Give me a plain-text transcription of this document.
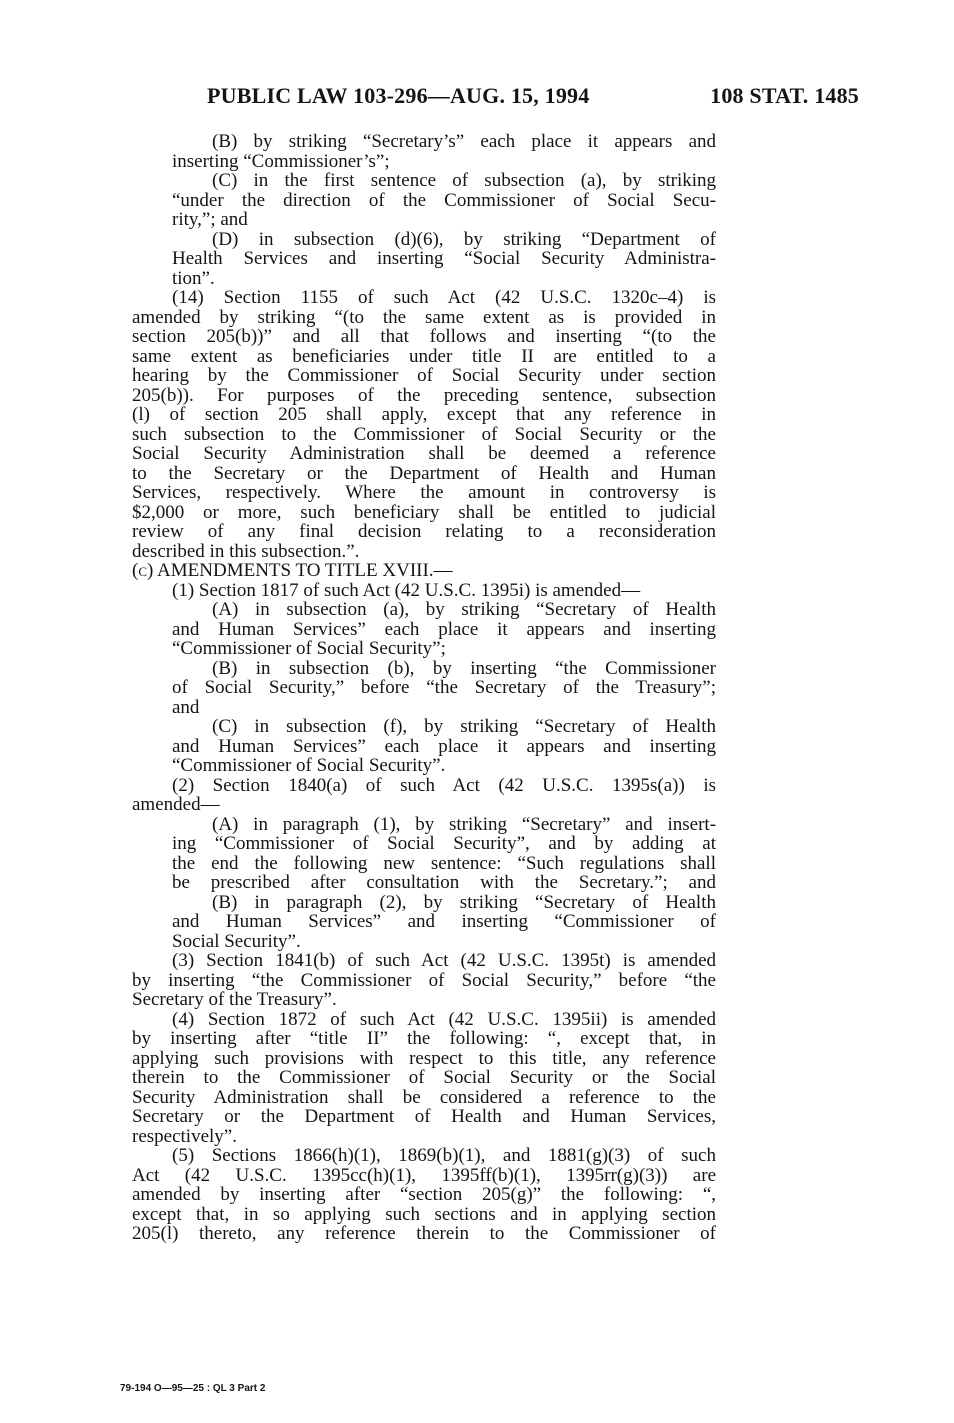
PUBLIC LAW 103-296—AUG. 15, 1994	108 STAT. 1485
(B) by striking “Secretary’s” each place it appears and
inserting “Commissioner’s”;
(C) in the first sentence of subsection (a), by striking
“under the direction of the Commissioner of Social Secu-
rity,”; and
(D) in subsection (d)(6), by striking “Department of
Health Services and inserting “Social Security Administra-
tion”.
(14) Section 1155 of such Act (42 U.S.C. 1320c–4) is
amended by striking “(to the same extent as is provided in
section 205(b))” and all that follows and inserting “(to the
same extent as beneficiaries under title II are entitled to a
hearing by the Commissioner of Social Security under section
205(b)). For purposes of the preceding sentence, subsection
(l) of section 205 shall apply, except that any reference in
such subsection to the Commissioner of Social Security or the
Social Security Administration shall be deemed a reference
to the Secretary or the Department of Health and Human
Services, respectively. Where the amount in controversy is
$2,000 or more, such beneficiary shall be entitled to judicial
review of any final decision relating to a reconsideration
described in this subsection.”.
(c) AMENDMENTS TO TITLE XVIII.—
(1) Section 1817 of such Act (42 U.S.C. 1395i) is amended—
(A) in subsection (a), by striking “Secretary of Health
and Human Services” each place it appears and inserting
“Commissioner of Social Security”;
(B) in subsection (b), by inserting “the Commissioner
of Social Security,” before “the Secretary of the Treasury”;
and
(C) in subsection (f), by striking “Secretary of Health
and Human Services” each place it appears and inserting
“Commissioner of Social Security”.
(2) Section 1840(a) of such Act (42 U.S.C. 1395s(a)) is
amended—
(A) in paragraph (1), by striking “Secretary” and insert-
ing “Commissioner of Social Security”, and by adding at
the end the following new sentence: “Such regulations shall
be prescribed after consultation with the Secretary.”; and
(B) in paragraph (2), by striking “Secretary of Health
and Human Services” and inserting “Commissioner of
Social Security”.
(3) Section 1841(b) of such Act (42 U.S.C. 1395t) is amended
by inserting “the Commissioner of Social Security,” before “the
Secretary of the Treasury”.
(4) Section 1872 of such Act (42 U.S.C. 1395ii) is amended
by inserting after “title II” the following: “, except that, in
applying such provisions with respect to this title, any reference
therein to the Commissioner of Social Security or the Social
Security Administration shall be considered a reference to the
Secretary or the Department of Health and Human Services,
respectively”.
(5) Sections 1866(h)(1), 1869(b)(1), and 1881(g)(3) of such
Act (42 U.S.C. 1395cc(h)(1), 1395ff(b)(1), 1395rr(g)(3)) are
amended by inserting after “section 205(g)” the following: “,
except that, in so applying such sections and in applying section
205(l) thereto, any reference therein to the Commissioner of
79-194 O—95—25 : QL 3 Part 2
